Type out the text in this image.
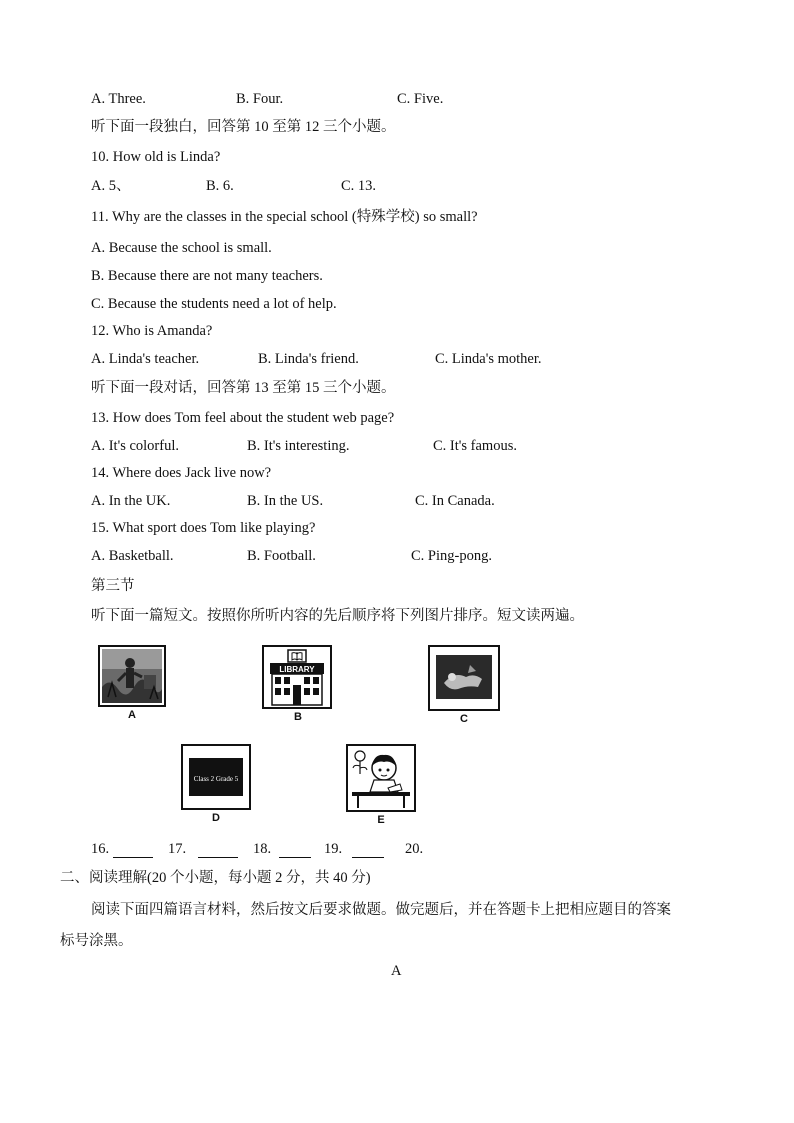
A. Three.	B. Four.	C. Five.
听下面一段独白，回答第 10 至第 12 三个小题。
10. How old is Linda?
A. 5、	B. 6.	C. 13.
11. Why are the classes in the special school (特殊学校) so small?
A. Because the school is small.
B. Because there are not many teachers.
C. Because the students need a lot of help.
12. Who is Amanda?
A. Linda's teacher.	B. Linda's friend.	C. Linda's mother.
听下面一段对话，回答第 13 至第 15 三个小题。
13. How does Tom feel about the student web page?
A. It's colorful.	B. It's interesting.	C. It's famous.
14. Where does Jack live now?
A. In the UK.	B. In the US.	C. In Canada.
15. What sport does Tom like playing?
A. Basketball.	B. Football.	C. Ping-pong.
第三节
听下面一篇短文。按照你所听内容的先后顺序将下列图片排序。短文读两遍。
A
LIBRARY
B	C
Class 2 Grade 5
D	E
16.	17.	18.	19.	20.
二、阅读理解(20 个小题，每小题 2 分，共 40 分)
阅读下面四篇语言材料，然后按文后要求做题。做完题后，并在答题卡上把相应题目的答案
标号涂黑。
A
